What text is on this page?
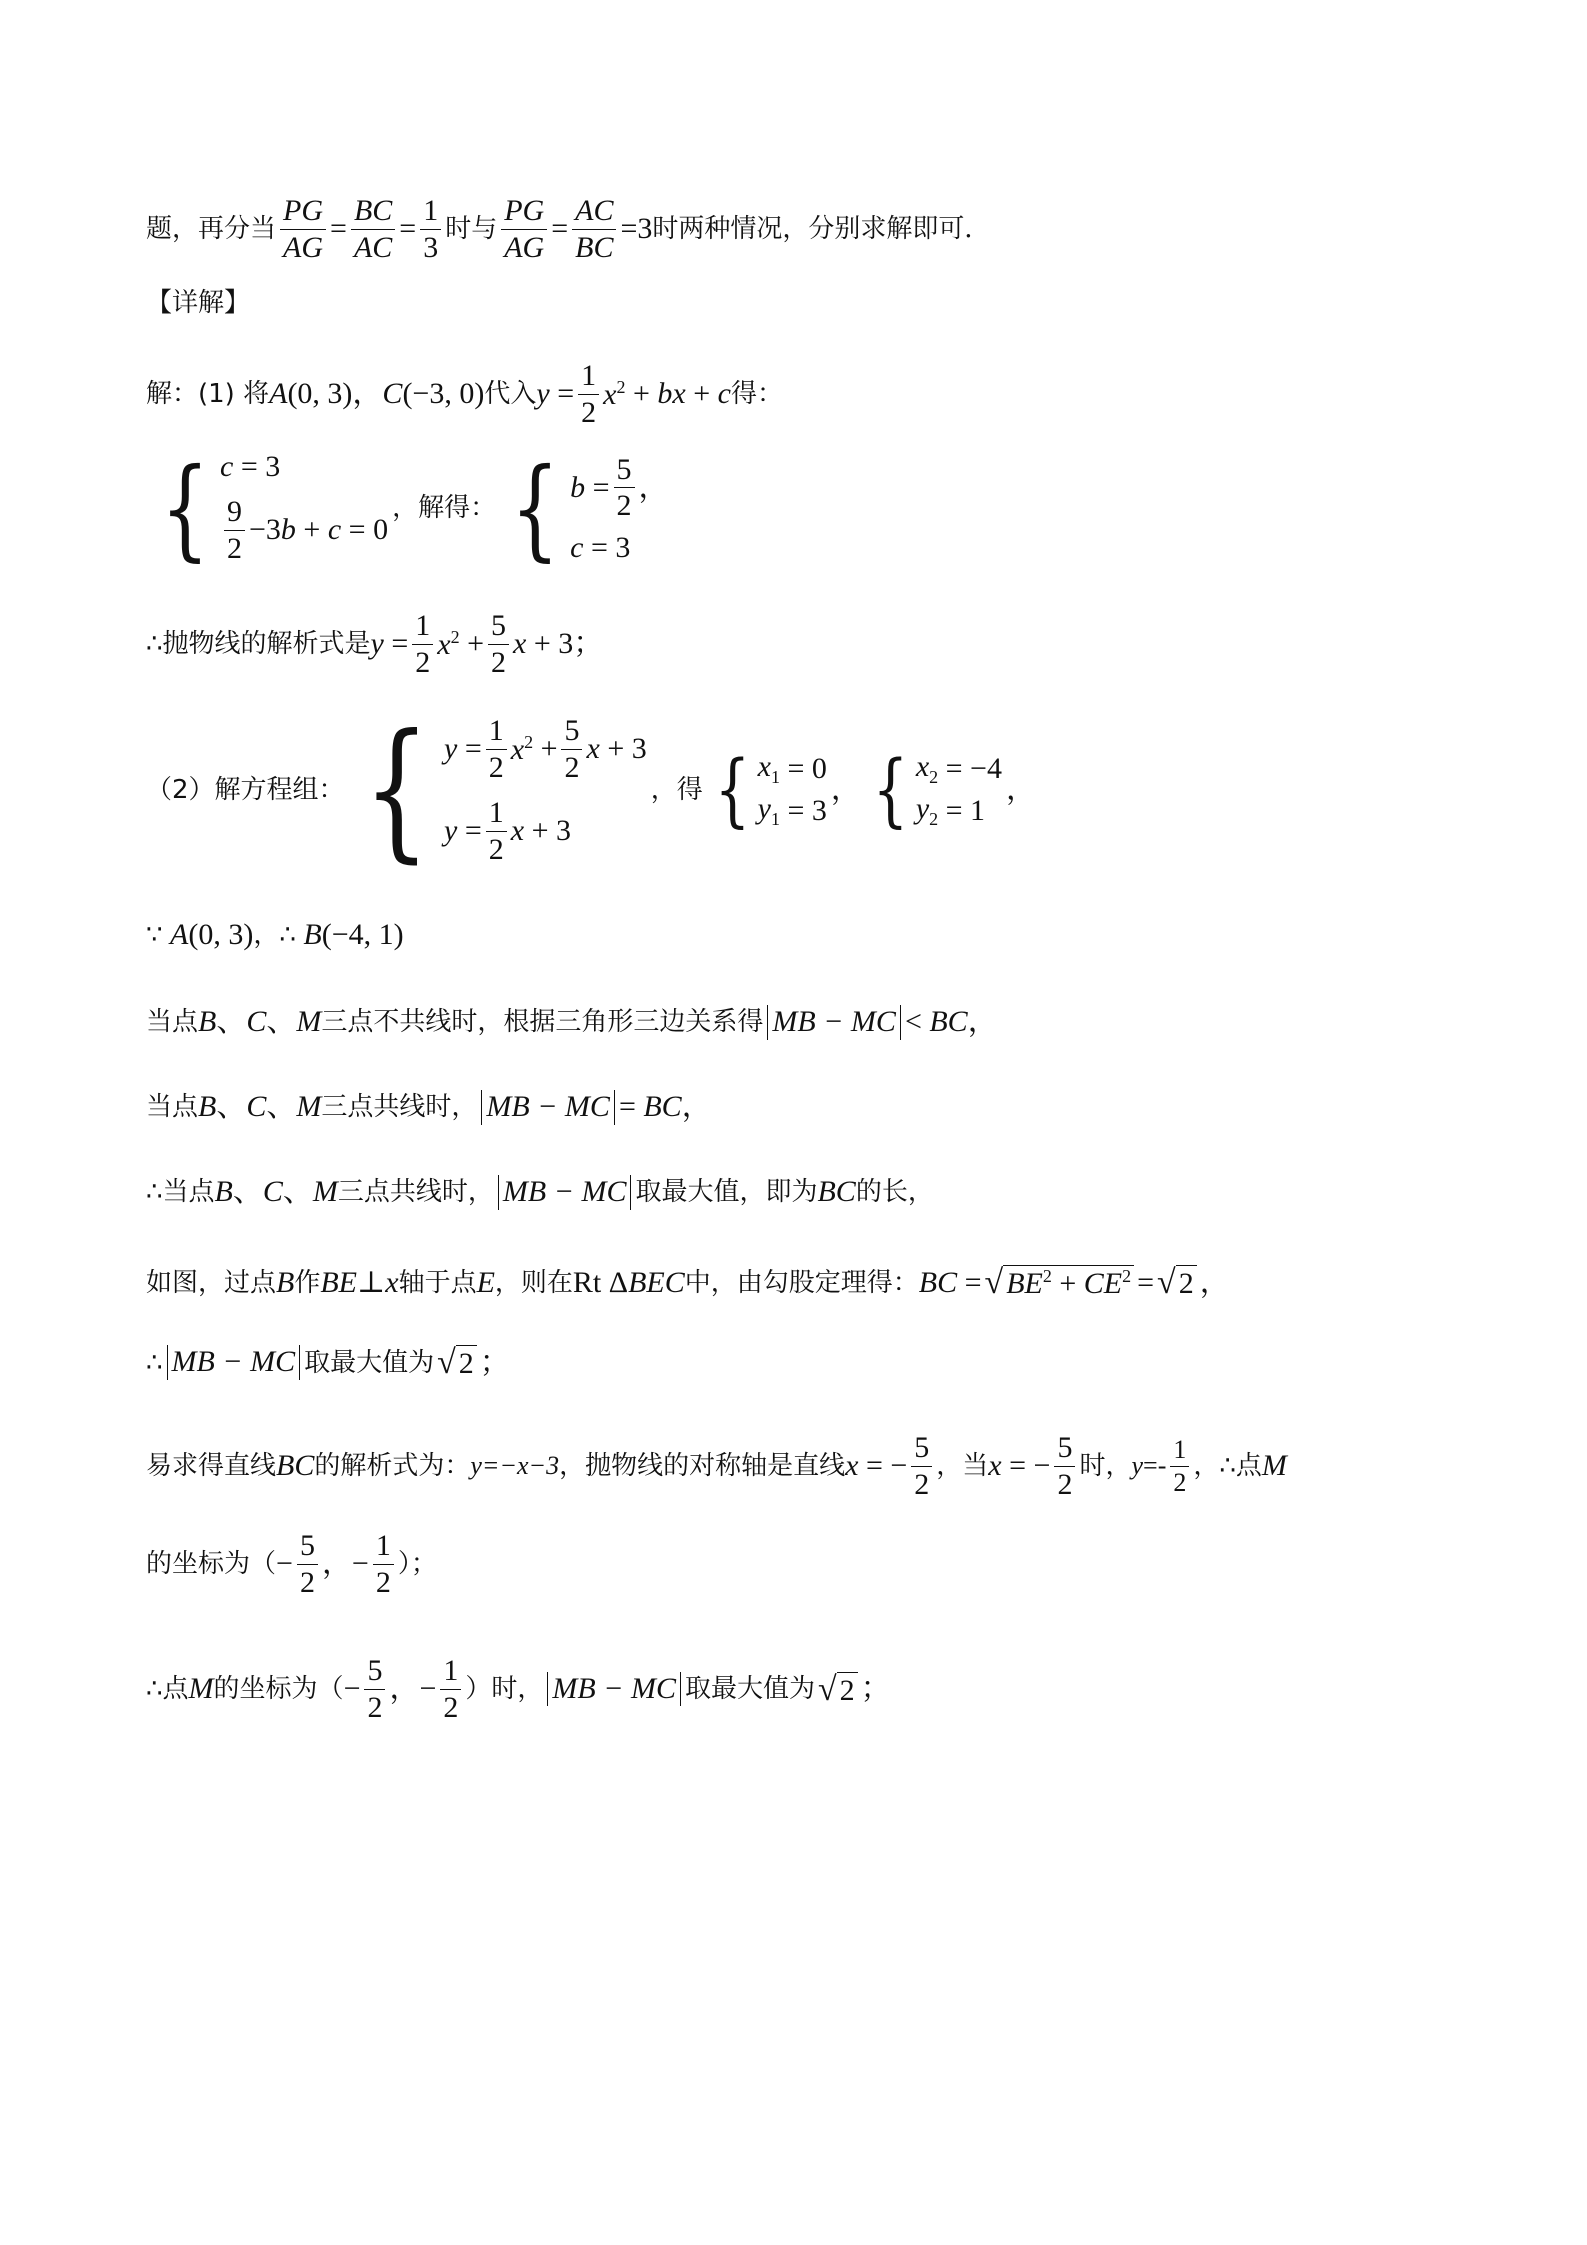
题，再分当 $\frac{PG}{AG} = \frac{BC}{AC} = \frac{1}{3}$ 时与 $\frac{PG}{AG} = \frac{AC}{BC} =3$ 时两种情况，分别求解即可．
【详解】
解：(1) 将 A (0, 3)， C (−3, 0) 代入 $y = \frac{1}{2} x^2$ + bx + c 得：
{ c = 3
$\frac{9}{2} -3$ b + c = 0
，解得： { $b = \frac{5}{2}$ ，
c = 3
∴抛物线的解析式是 $y = \frac{1}{2} x^2 + \frac{5}{2}$ x + 3；
（2）解方程组： { $y = \frac{1}{2} x^2 + \frac{5}{2}$ x + 3
$y = \frac{1}{2}$ x + 3
，得 { $x_1 = 0$
$y_1 = 3$
， { $x_2 = -4$
$y_2 = 1$
，
∵ A (0, 3) ，∴ B (−4, 1)
当点 B 、 C 、 M 三点不共线时，根据三角形三边关系得 MB − MC < BC ，
当点 B 、 C 、 M 三点共线时， MB − MC = BC ，
∴当点 B 、 C 、 M 三点共线时， MB − MC 取最大值，即为 BC 的长，
如图，过点 B 作 BE ⊥ x 轴于点 E ，则在 Rt Δ BEC 中，由勾股定理得： BC = √ $BE^2 + CE^2$ = √ 2 ，
∴ MB − MC 取最大值为 √ 2 ；
易求得直线 BC 的解析式为： y=−x−3 ，抛物线的对称轴是直线 x = − $\frac{5}{2}$ ，当 x = − $\frac{5}{2}$ 时， $y =- \frac{1}{2}$ ，∴点 M
的坐标为（ − $\frac{5}{2}$ ，− $\frac{1}{2}$ ）；
∴点 M 的坐标为（ − $\frac{5}{2}$ ，− $\frac{1}{2}$ ）时， MB − MC 取最大值为 √ 2 ；
